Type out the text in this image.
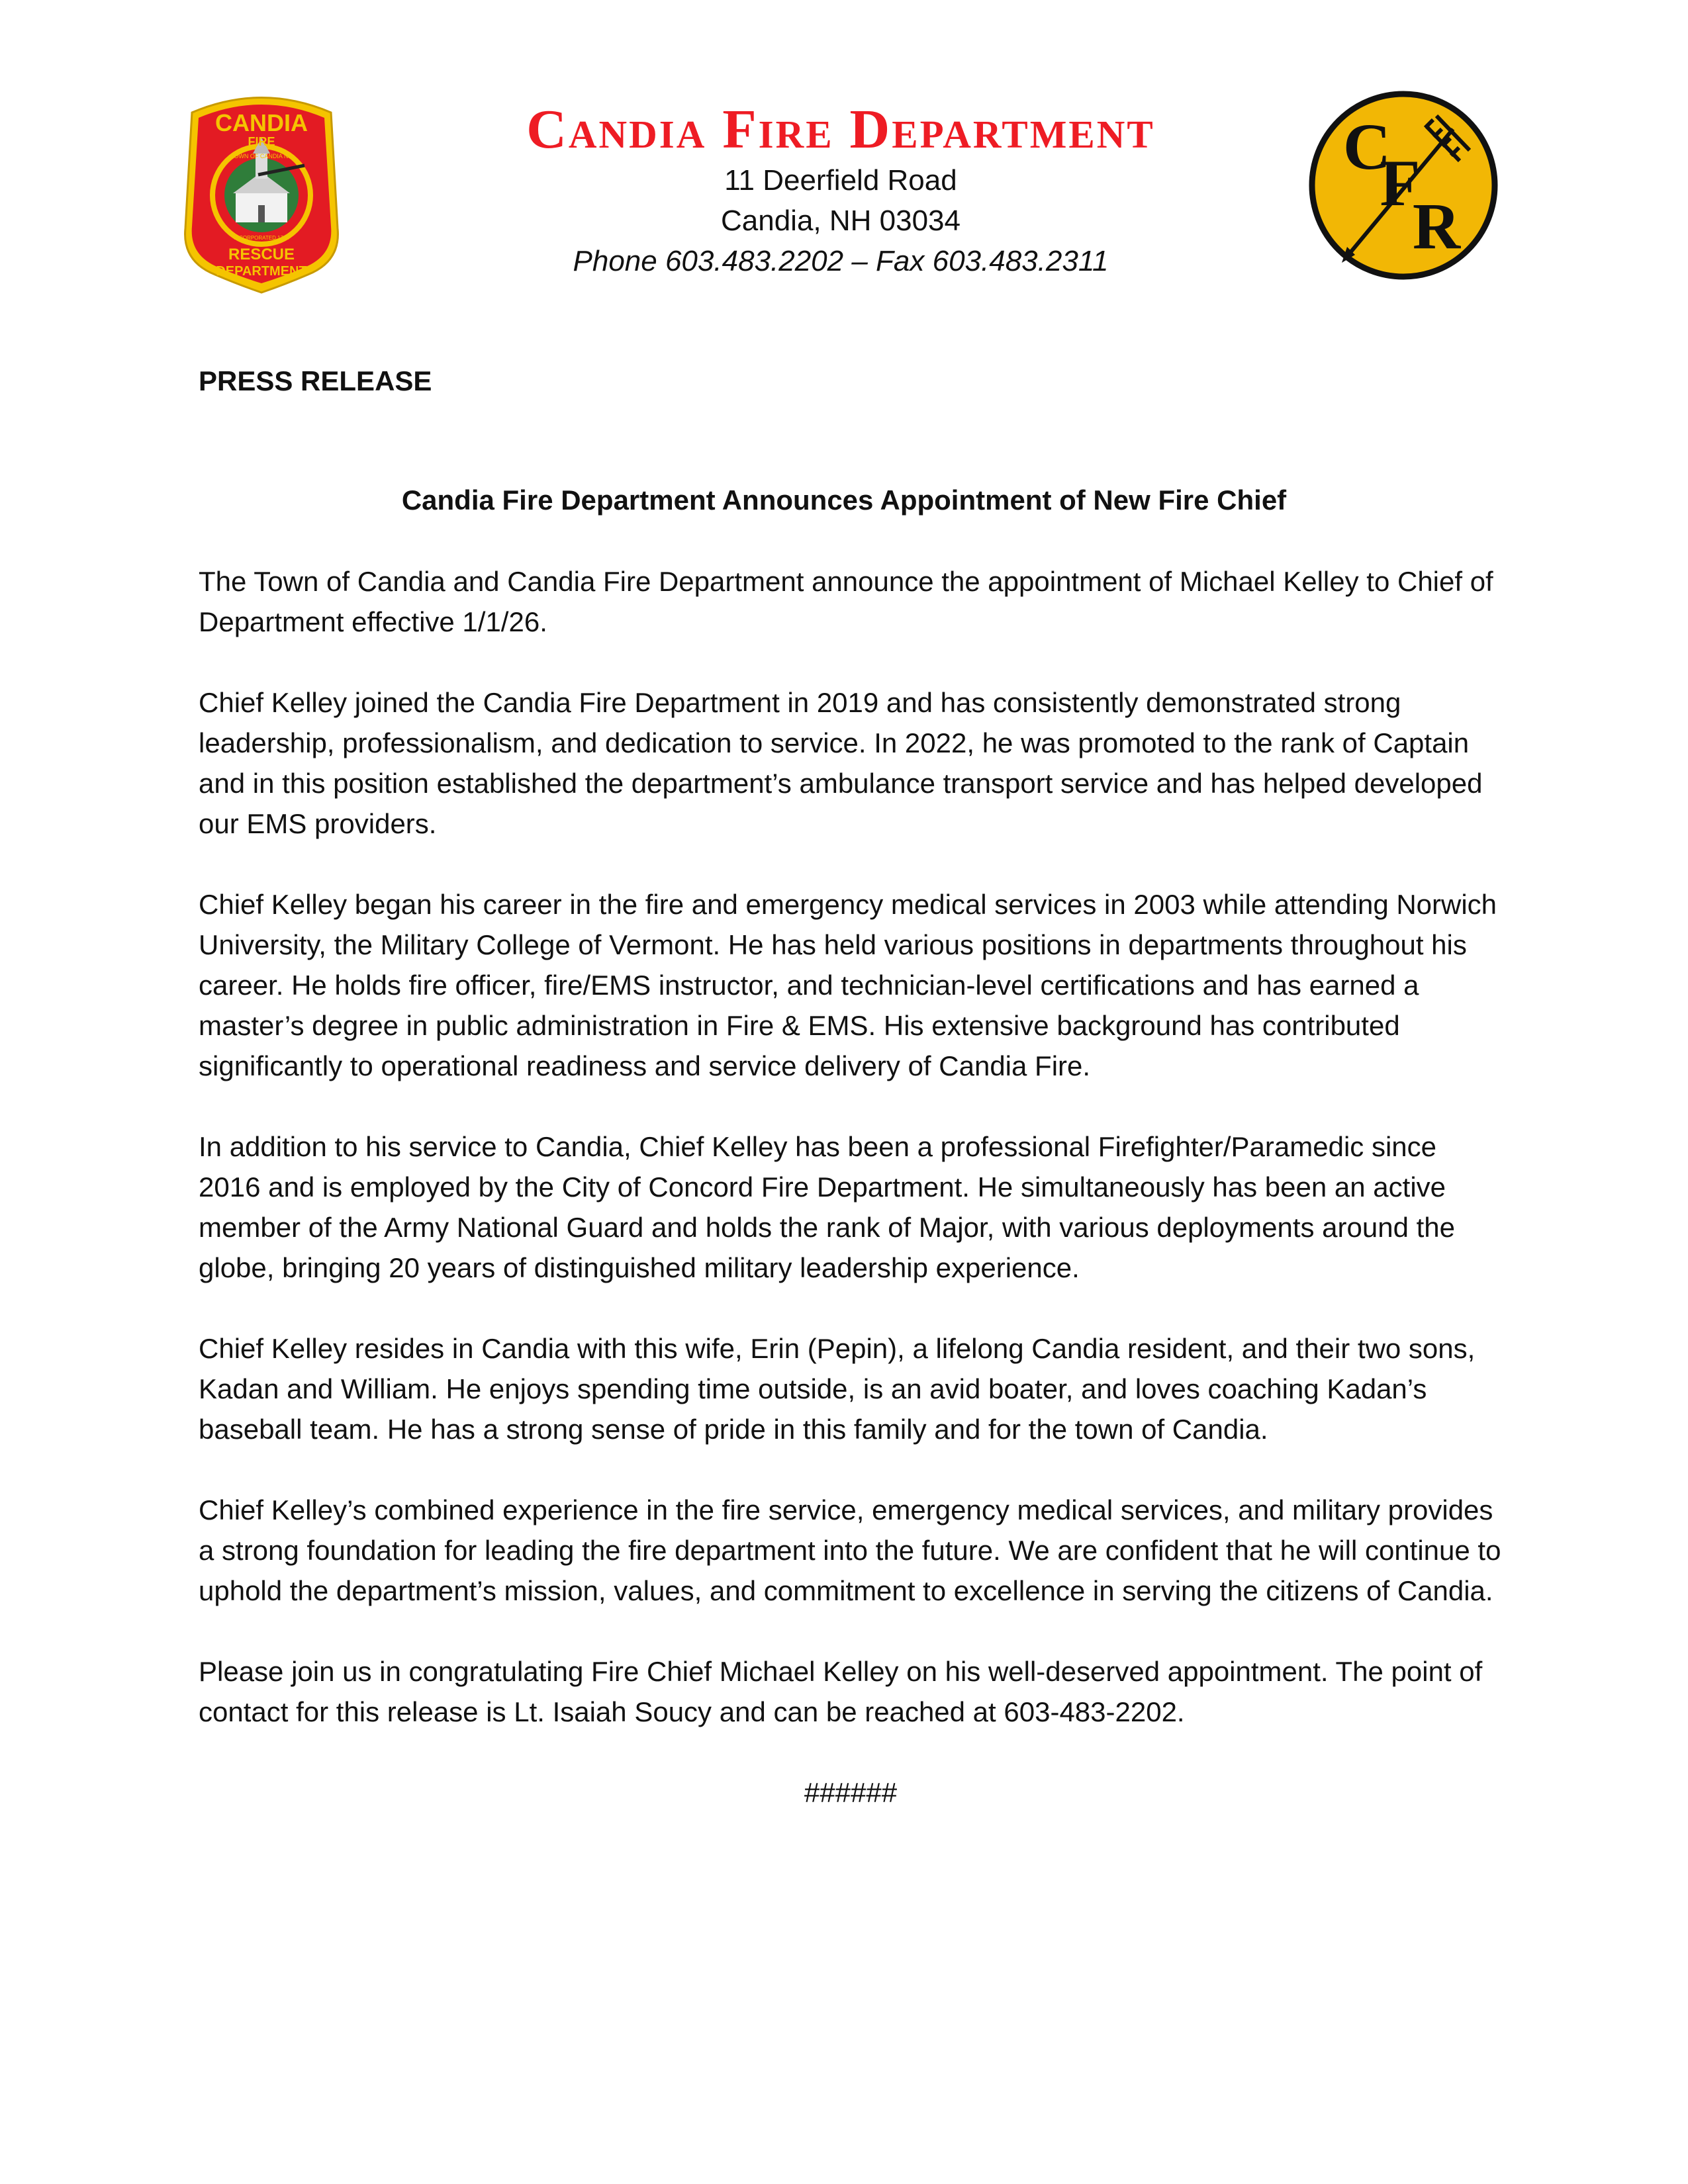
CANDIA
FIRE
TOWN OF CANDIA NH
INCORPORATED 1763
RESCUE
DEPARTMENT

Candia Fire Department

11 Deerfield Road

Candia, NH 03034

Phone 603.483.2202 – Fax 603.483.2311

C
F
R

PRESS RELEASE

Candia Fire Department Announces Appointment of New Fire Chief

The Town of Candia and Candia Fire Department announce the appointment of Michael Kelley to Chief of Department effective 1/1/26.

Chief Kelley joined the Candia Fire Department in 2019 and has consistently demonstrated strong leadership, professionalism, and dedication to service. In 2022, he was promoted to the rank of Captain and in this position established the department’s ambulance transport service and has helped developed our EMS providers.

Chief Kelley began his career in the fire and emergency medical services in 2003 while attending Norwich University, the Military College of Vermont. He has held various positions in departments throughout his career. He holds fire officer, fire/EMS instructor, and technician-level certifications and has earned a master’s degree in public administration in Fire & EMS. His extensive background has contributed significantly to operational readiness and service delivery of Candia Fire.

In addition to his service to Candia, Chief Kelley has been a professional Firefighter/Paramedic since 2016 and is employed by the City of Concord Fire Department. He simultaneously has been an active member of the Army National Guard and holds the rank of Major, with various deployments around the globe, bringing 20 years of distinguished military leadership experience.

Chief Kelley resides in Candia with this wife, Erin (Pepin), a lifelong Candia resident, and their two sons, Kadan and William. He enjoys spending time outside, is an avid boater, and loves coaching Kadan’s baseball team. He has a strong sense of pride in this family and for the town of Candia.

Chief Kelley’s combined experience in the fire service, emergency medical services, and military provides a strong foundation for leading the fire department into the future. We are confident that he will continue to uphold the department’s mission, values, and commitment to excellence in serving the citizens of Candia.

Please join us in congratulating Fire Chief Michael Kelley on his well-deserved appointment. The point of contact for this release is Lt. Isaiah Soucy and can be reached at 603-483-2202.

######
